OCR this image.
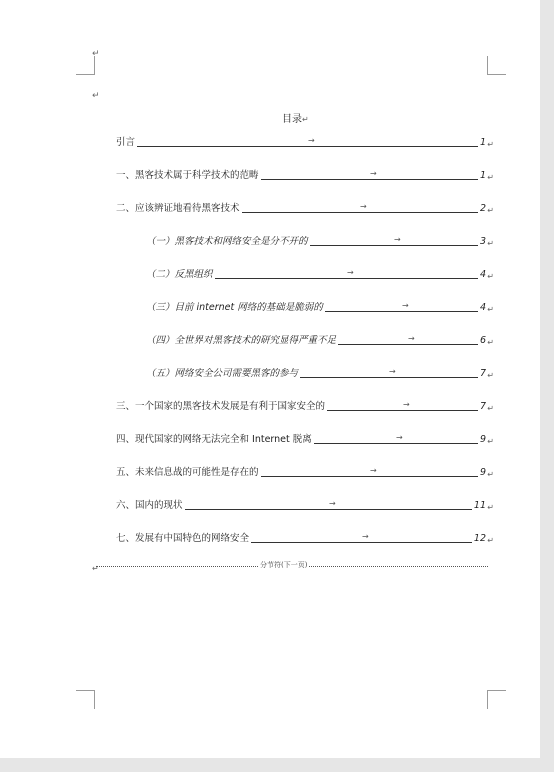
↵
↵
目录↵
引言	→	1 ↵
一、黑客技术属于科学技术的范畴	→	1 ↵
二、应该辨证地看待黑客技术	→	2 ↵
（一）黑客技术和网络安全是分不开的	→	3 ↵
（二）反黑组织	→	4 ↵
（三）目前 internet 网络的基础是脆弱的	→	4 ↵
（四）全世界对黑客技术的研究显得严重不足	→	6 ↵
（五）网络安全公司需要黑客的参与	→	7 ↵
三、一个国家的黑客技术发展是有利于国家安全的	→	7 ↵
四、现代国家的网络无法完全和 Internet 脱离	→	9 ↵
五、未来信息战的可能性是存在的	→	9 ↵
六、国内的现状	→	11 ↵
七、发展有中国特色的网络安全	→	12 ↵
↵	分节符(下一页)
